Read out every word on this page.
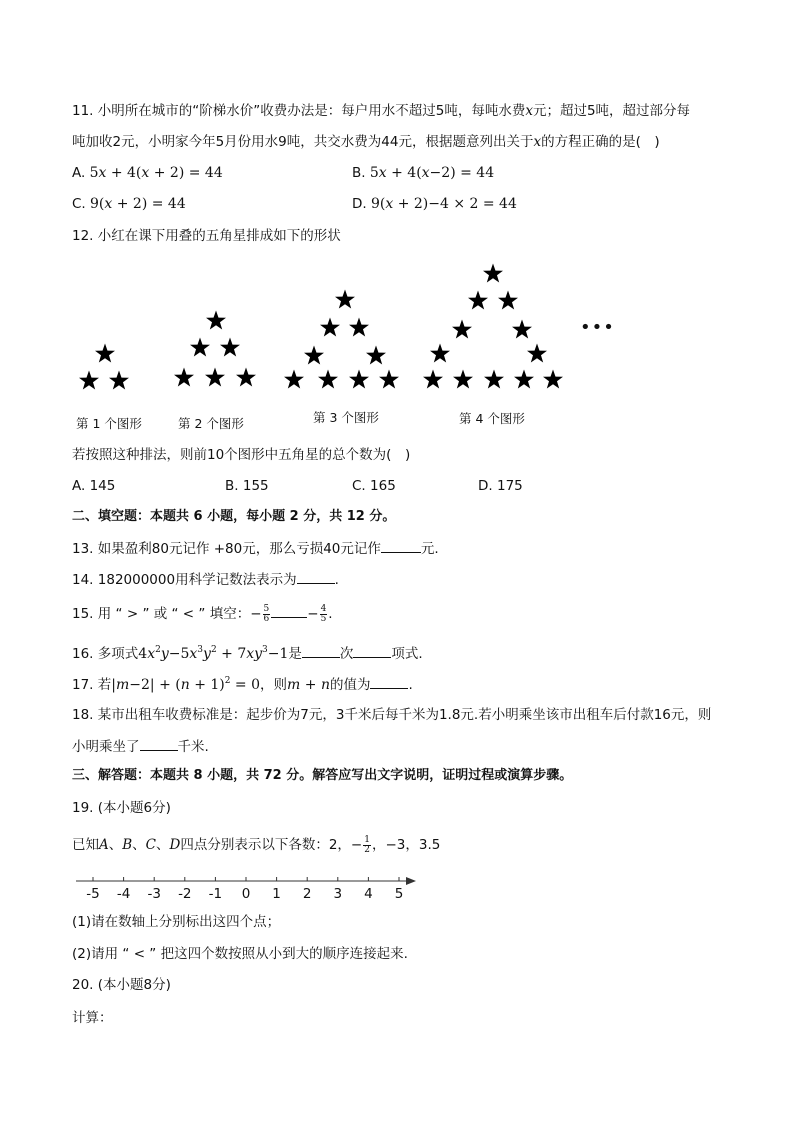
11. 小明所在城市的“阶梯水价”收费办法是：每户用水不超过5吨，每吨水费x元；超过5吨，超过部分每
吨加收2元，小明家今年5月份用水9吨，共交水费为44元，根据题意列出关于x的方程正确的是(　)
A. 5𝑥 + 4(𝑥 + 2) = 44	B. 5𝑥 + 4(𝑥−2) = 44
C. 9(𝑥 + 2) = 44	D. 9(𝑥 + 2)−4 × 2 = 44
12. 小红在课下用叠的五角星排成如下的形状
•••
第 1 个图形	第 2 个图形	第 3 个图形	第 4 个图形
若按照这种排法，则前10个图形中五角星的总个数为(　)
A. 145	B. 155	C. 165	D. 175
二、填空题：本题共 6 小题，每小题 2 分，共 12 分。
13. 如果盈利80元记作 +80元，那么亏损40元记作	元.
14. 182000000用科学记数法表示为	.
15. 用 “ > ” 或 “ < ” 填空：− $\frac{5}{6}$	− $\frac{4}{5}$ .
16. 多项式$4x^2y-5x^3y^2 + 7xy^3-1$是	次	项式.
17. 若$|m-2| + (n + 1)^2 = 0$，则m + n的值为	.
18. 某市出租车收费标准是：起步价为7元，3千米后每千米为1.8元.若小明乘坐该市出租车后付款16元，则
小明乘坐了	千米.
三、解答题：本题共 8 小题，共 72 分。解答应写出文字说明，证明过程或演算步骤。
19. (本小题6分)
已知A、B、C、D四点分别表示以下各数：2，− $\frac{1}{2}$ ，−3，3.5
-5	-4	-3	-2	-1	0	1	2	3	4	5
(1)请在数轴上分别标出这四个点；
(2)请用 “ < ” 把这四个数按照从小到大的顺序连接起来.
20. (本小题8分)
计算：
